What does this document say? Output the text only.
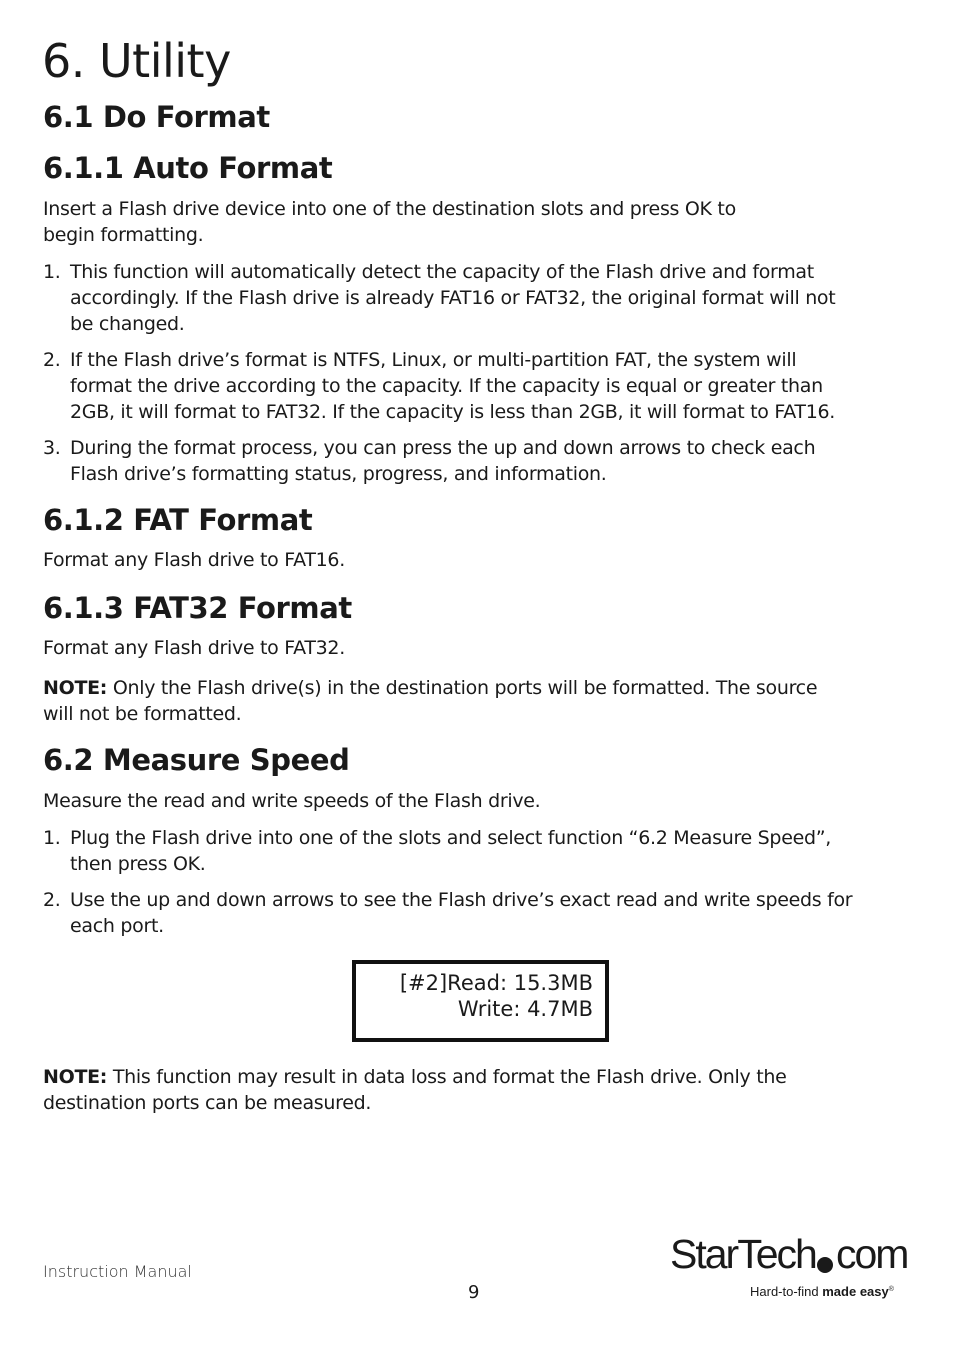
6. Utility
6.1 Do Format
6.1.1 Auto Format
Insert a Flash drive device into one of the destination slots and press OK to
begin formatting.
1. This function will automatically detect the capacity of the Flash drive and format
accordingly. If the Flash drive is already FAT16 or FAT32, the original format will not
be changed.
2. If the Flash drive’s format is NTFS, Linux, or multi-partition FAT, the system will
format the drive according to the capacity. If the capacity is equal or greater than
2GB, it will format to FAT32. If the capacity is less than 2GB, it will format to FAT16.
3. During the format process, you can press the up and down arrows to check each
Flash drive’s formatting status, progress, and information.
6.1.2 FAT Format
Format any Flash drive to FAT16.
6.1.3 FAT32 Format
Format any Flash drive to FAT32.
NOTE: Only the Flash drive(s) in the destination ports will be formatted. The source
will not be formatted.
6.2 Measure Speed
Measure the read and write speeds of the Flash drive.
1. Plug the Flash drive into one of the slots and select function “6.2 Measure Speed”,
then press OK.
2. Use the up and down arrows to see the Flash drive’s exact read and write speeds for
each port.
[#2]Read: 15.3MB
Write: 4.7MB
NOTE: This function may result in data loss and format the Flash drive. Only the
destination ports can be measured.
Instruction Manual
9
StarTech com
Hard-to-find made easy®
